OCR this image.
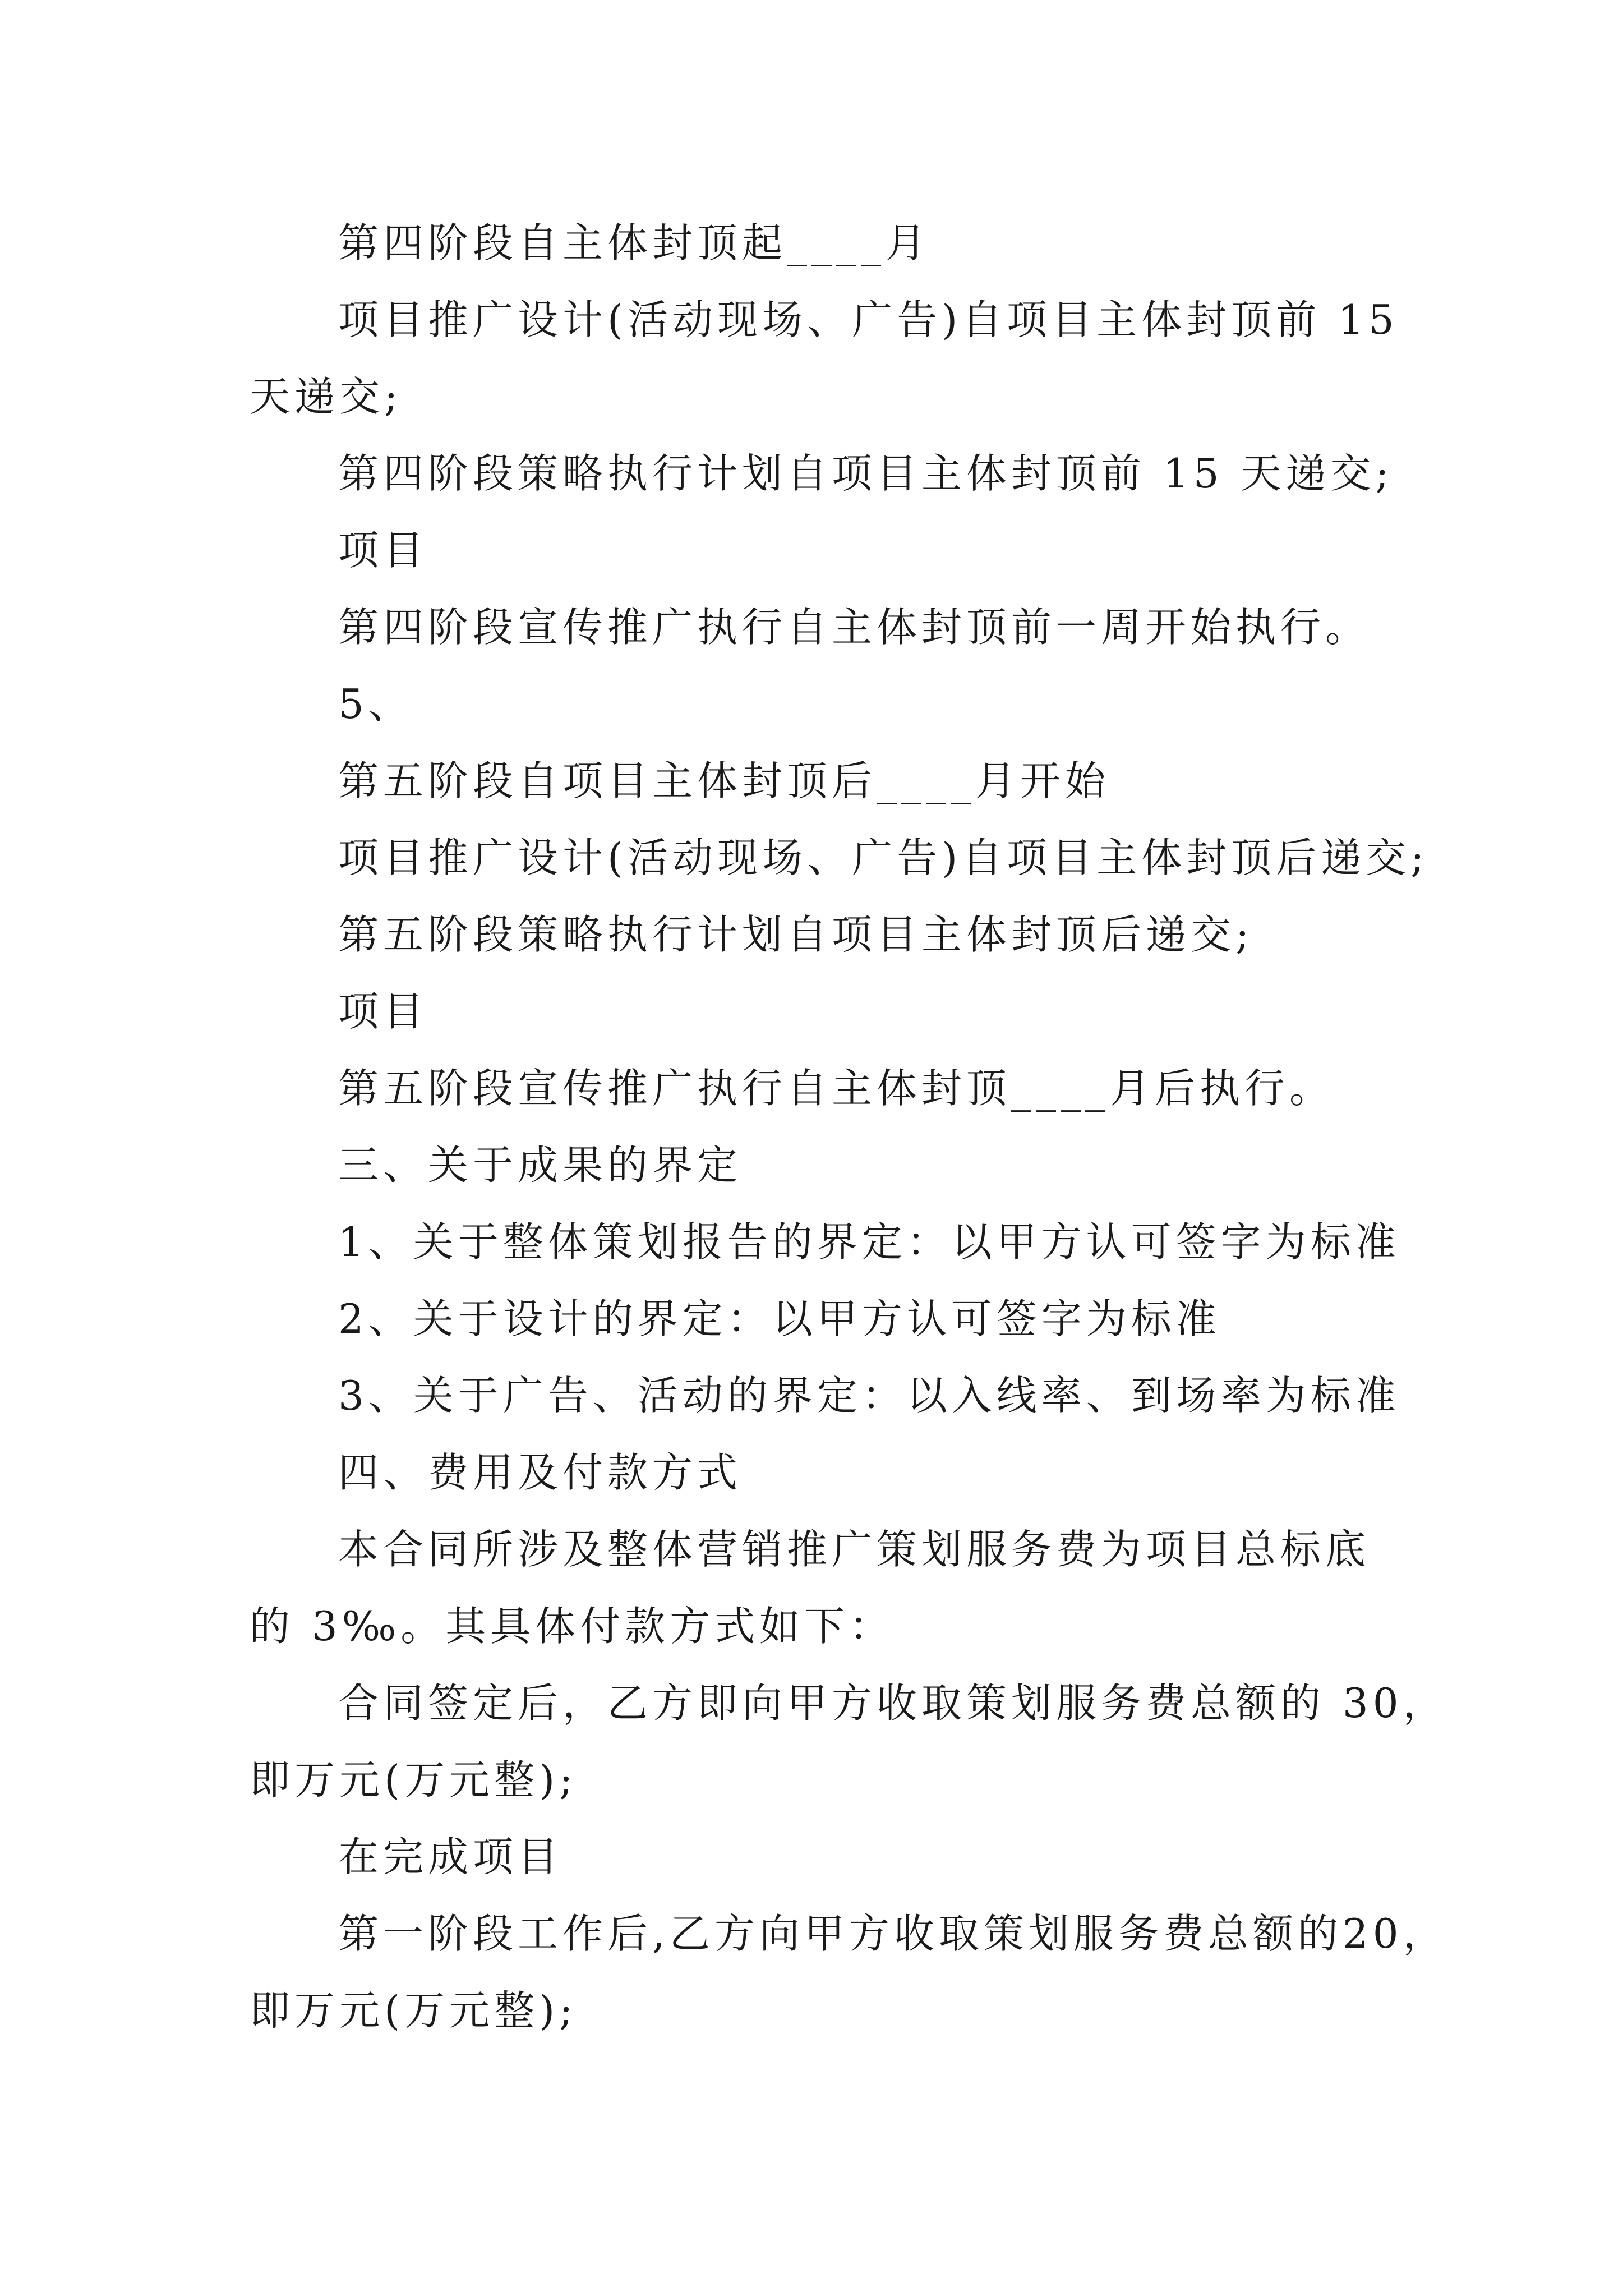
第四阶段自主体封顶起____月
项目推广设计(活动现场、广告)自项目主体封顶前 15
天递交;
第四阶段策略执行计划自项目主体封顶前 15 天递交;
项目
第四阶段宣传推广执行自主体封顶前一周开始执行。
5、
第五阶段自项目主体封顶后____月开始
项目推广设计(活动现场、广告)自项目主体封顶后递交;
第五阶段策略执行计划自项目主体封顶后递交;
项目
第五阶段宣传推广执行自主体封顶____月后执行。
三、关于成果的界定
1、关于整体策划报告的界定：以甲方认可签字为标准
2、关于设计的界定：以甲方认可签字为标准
3、关于广告、活动的界定：以入线率、到场率为标准
四、费用及付款方式
本合同所涉及整体营销推广策划服务费为项目总标底
的 3‰。其具体付款方式如下：
合同签定后，乙方即向甲方收取策划服务费总额的 30，
即万元(万元整);
在完成项目
第一阶段工作后,乙方向甲方收取策划服务费总额的20，
即万元(万元整);
